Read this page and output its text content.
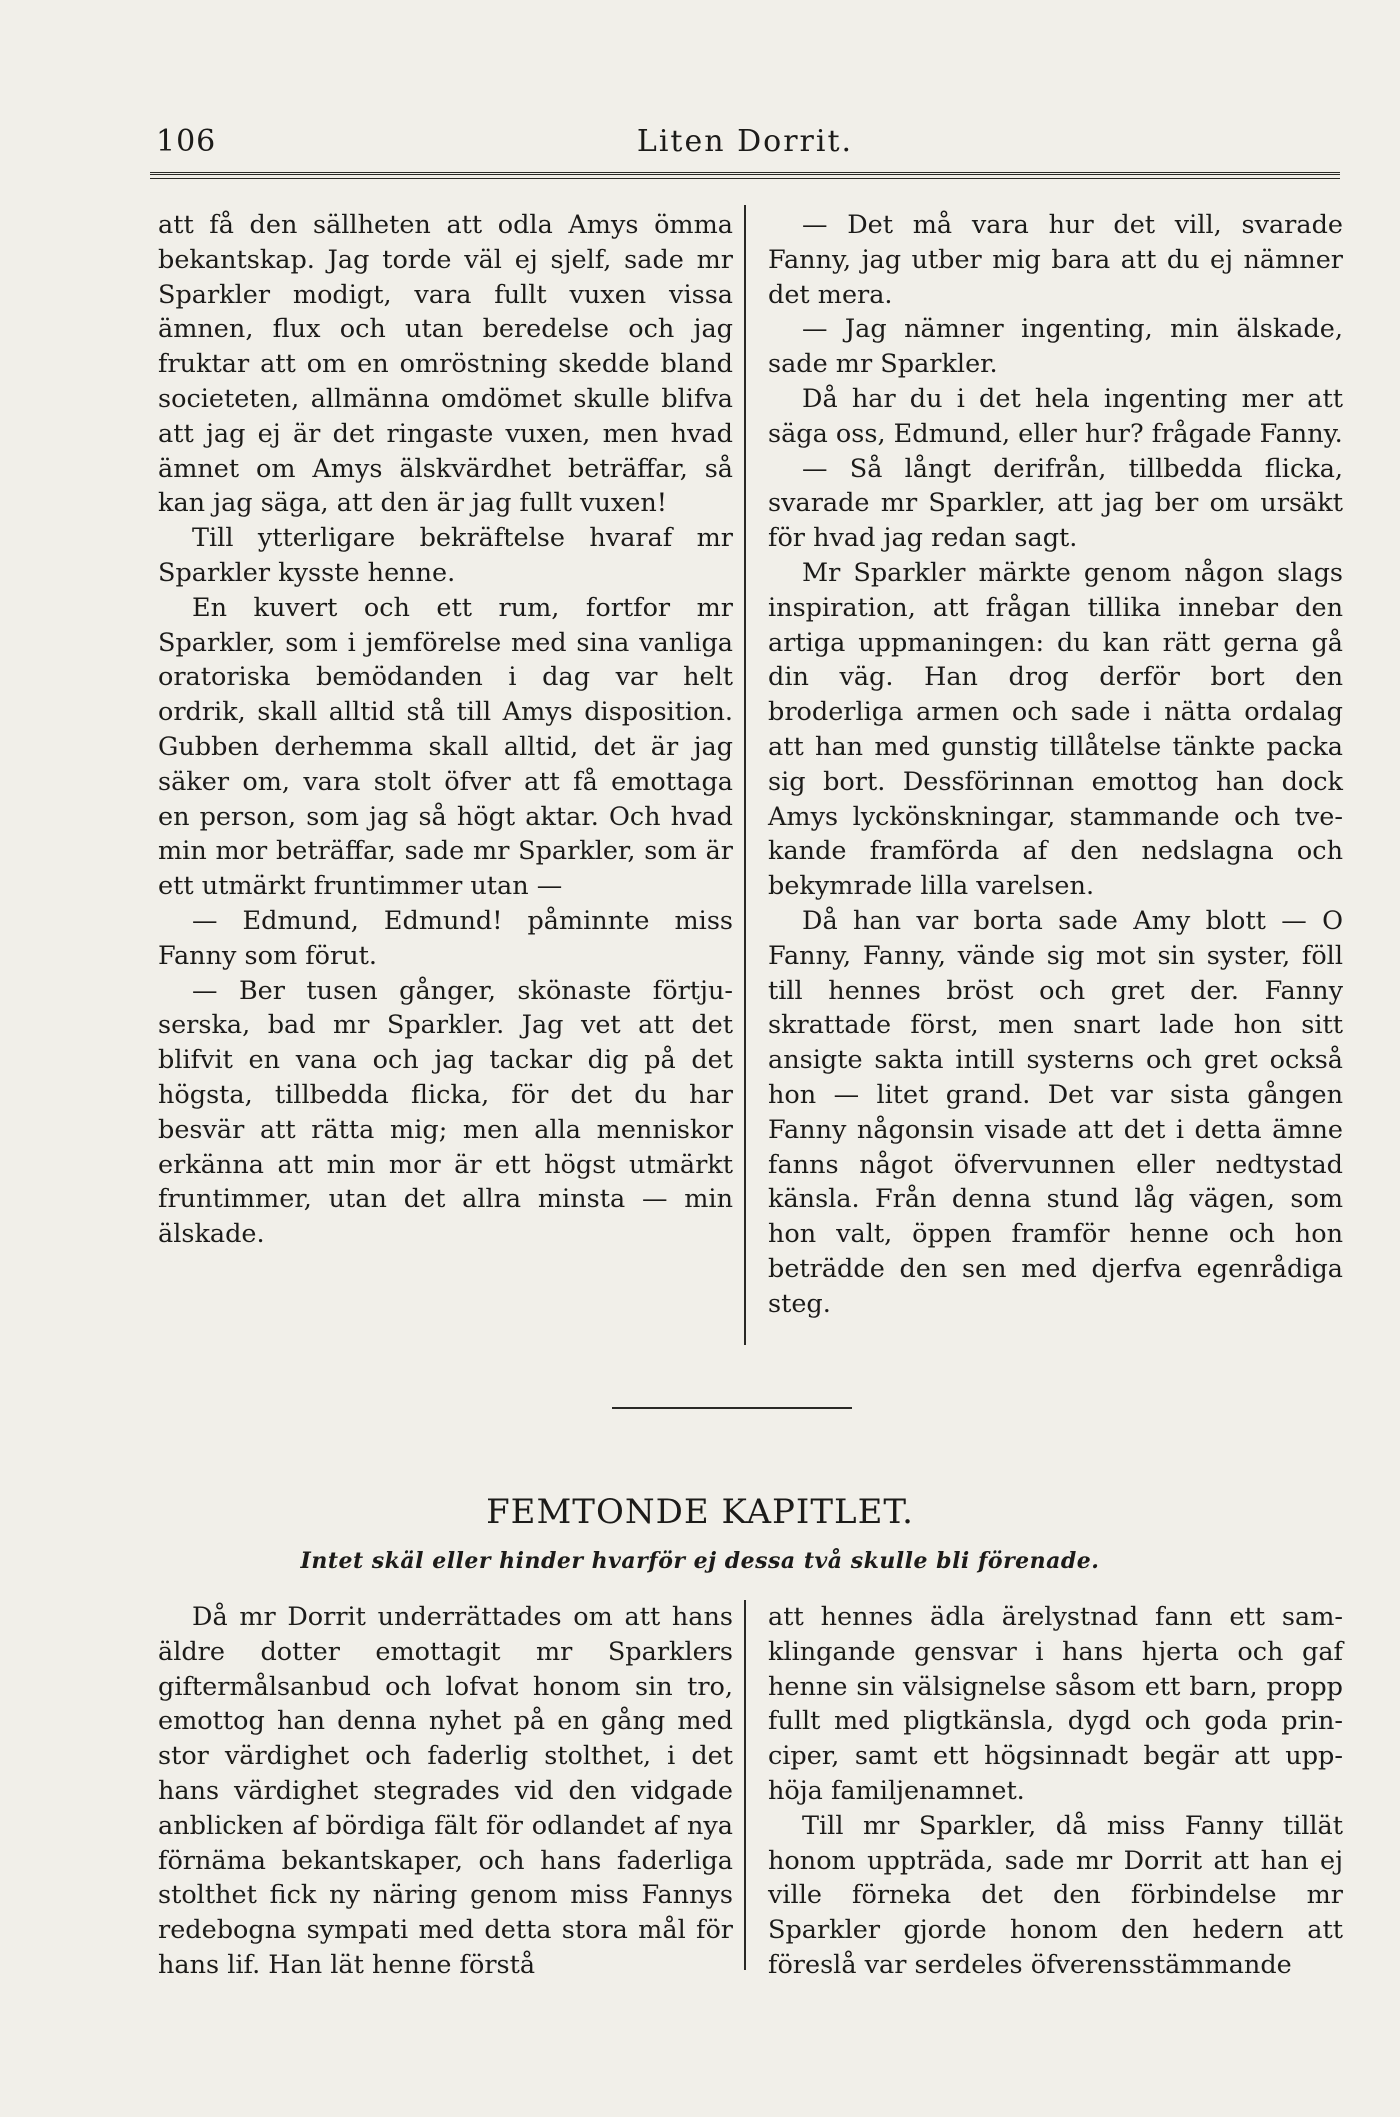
106	Liten Dorrit.

att få den sällheten att odla Amys ömma bekantskap. Jag torde väl ej sjelf, sade mr Sparkler modigt, vara fullt vuxen vissa ämnen, flux och utan beredelse och jag fruktar att om en omröstning skedde bland societeten, allmänna omdömet skulle blifva att jag ej är det ringaste vuxen, men hvad ämnet om Amys älskvärdhet beträffar, så kan jag säga, att den är jag fullt vuxen!

Till ytterligare bekräftelse hvaraf mr Sparkler kysste henne.

En kuvert och ett rum, fortfor mr Sparkler, som i jemförelse med sina vanliga oratoriska bemödanden i dag var helt ordrik, skall alltid stå till Amys disposition. Gubben derhemma skall alltid, det är jag säker om, vara stolt öfver att få emottaga en person, som jag så högt aktar. Och hvad min mor beträffar, sade mr Sparkler, som är ett utmärkt fruntimmer utan —

— Edmund, Edmund! påminnte miss Fanny som förut.

— Ber tusen gånger, skönaste förtjuserska, bad mr Sparkler. Jag vet att det blifvit en vana och jag tackar dig på det högsta, tillbedda flicka, för det du har besvär att rätta mig; men alla menniskor erkänna att min mor är ett högst utmärkt fruntimmer, utan det allra minsta — min älskade.

— Det må vara hur det vill, svarade Fanny, jag utber mig bara att du ej nämner det mera.

— Jag nämner ingenting, min älskade, sade mr Sparkler.

Då har du i det hela ingenting mer att säga oss, Edmund, eller hur? frågade Fanny.

— Så långt derifrån, tillbedda flicka, svarade mr Sparkler, att jag ber om ursäkt för hvad jag redan sagt.

Mr Sparkler märkte genom någon slags inspiration, att frågan tillika innebar den artiga uppmaningen: du kan rätt gerna gå din väg. Han drog derför bort den broderliga armen och sade i nätta ordalag att han med gunstig tillåtelse tänkte packa sig bort. Dessförinnan emottog han dock Amys lyckönskningar, stammande och tvekande framförda af den nedslagna och bekymrade lilla varelsen.

Då han var borta sade Amy blott — O Fanny, Fanny, vände sig mot sin syster, föll till hennes bröst och gret der. Fanny skrattade först, men snart lade hon sitt ansigte sakta intill systerns och gret också hon — litet grand. Det var sista gången Fanny någonsin visade att det i detta ämne fanns något öfvervunnen eller nedtystad känsla. Från denna stund låg vägen, som hon valt, öppen framför henne och hon beträdde den sen med djerfva egenrådiga steg.

FEMTONDE KAPITLET.
Intet skäl eller hinder hvarför ej dessa två skulle bli förenade.

Då mr Dorrit underrättades om att hans äldre dotter emottagit mr Sparklers giftermålsanbud och lofvat honom sin tro, emottog han denna nyhet på en gång med stor värdighet och faderlig stolthet, i det hans värdighet stegrades vid den vidgade anblicken af bördiga fält för odlandet af nya förnäma bekantskaper, och hans faderliga stolthet fick ny näring genom miss Fannys redebogna sympati med detta stora mål för hans lif. Han lät henne förstå

att hennes ädla ärelystnad fann ett samklingande gensvar i hans hjerta och gaf henne sin välsignelse såsom ett barn, propp fullt med pligtkänsla, dygd och goda principer, samt ett högsinnadt begär att upphöja familjenamnet.

Till mr Sparkler, då miss Fanny tillät honom uppträda, sade mr Dorrit att han ej ville förneka det den förbindelse mr Sparkler gjorde honom den hedern att föreslå var serdeles öfverensstämmande
